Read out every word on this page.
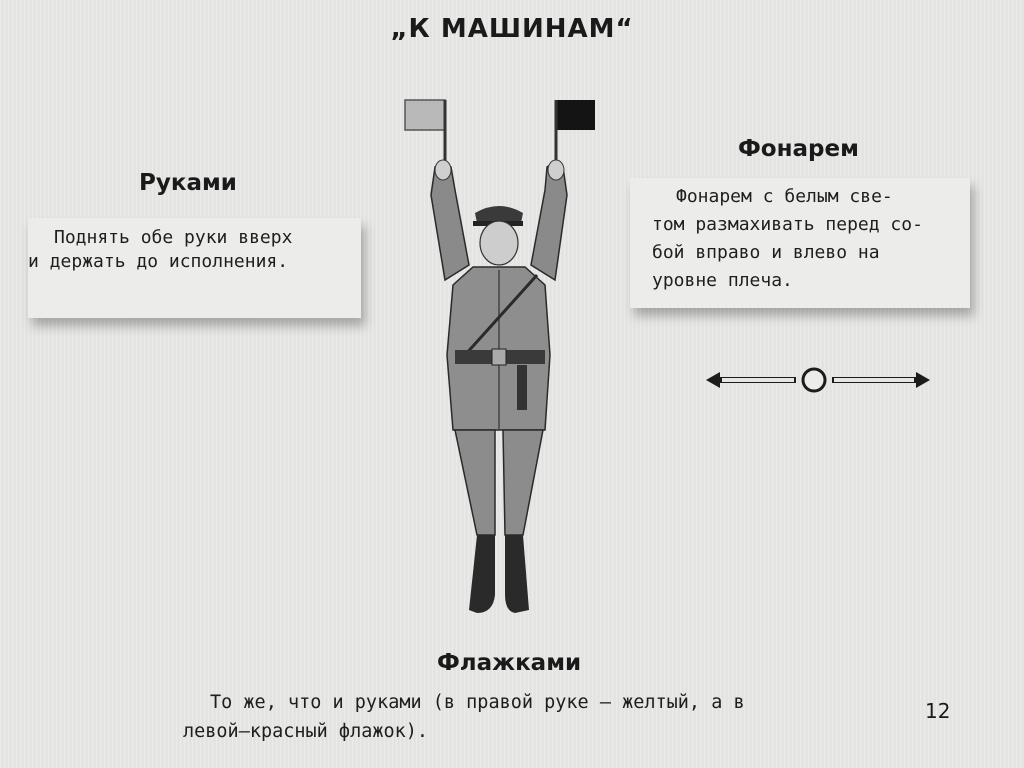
„К МАШИНАМ“
Руками
Поднять обе руки вверх
и держать до исполнения.
Фонарем
Фонарем с белым све-
том размахивать перед со-
бой вправо и влево на
уровне плеча.
Флажками
То же, что и руками (в правой руке — желтый, а в
левой—красный флажок).
12
